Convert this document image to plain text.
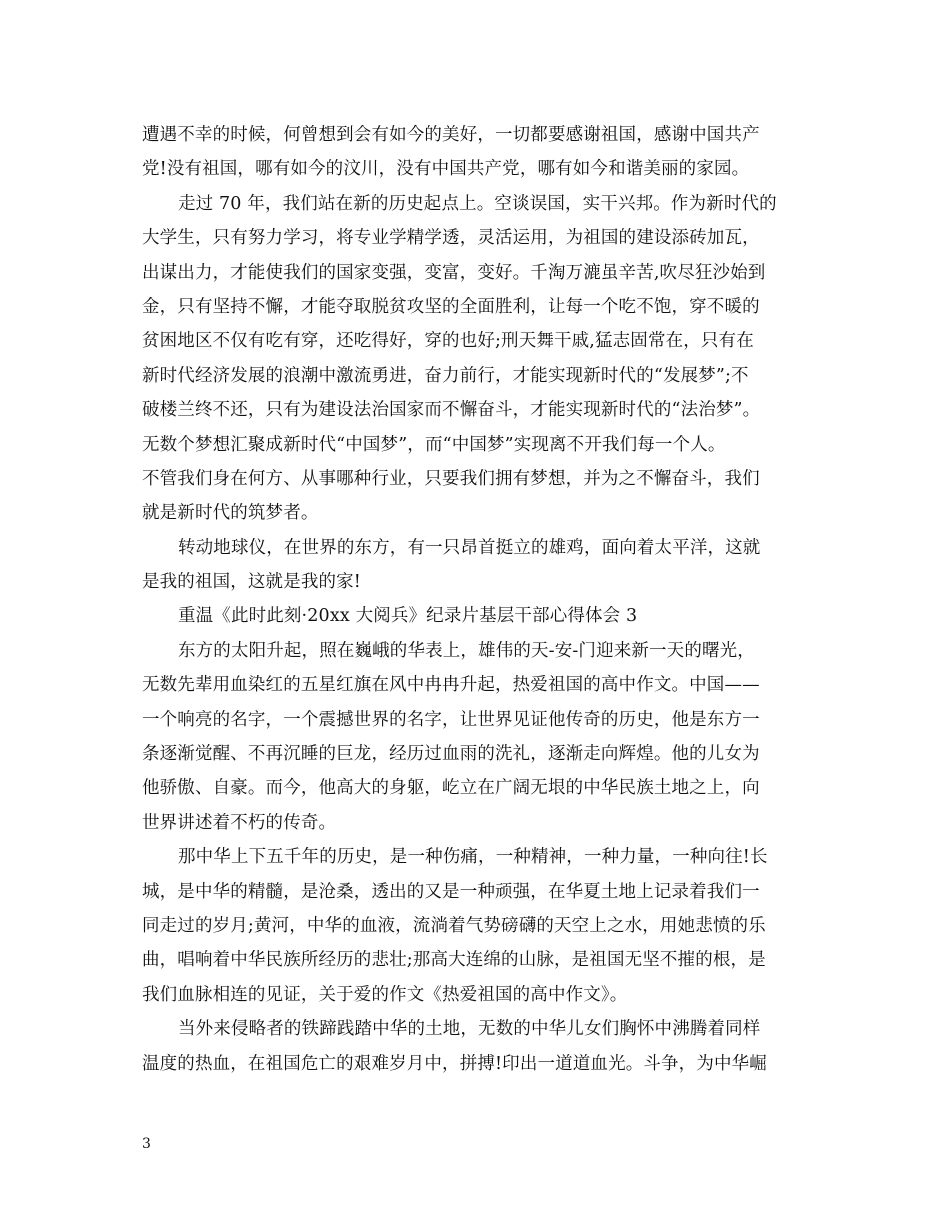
遭遇不幸的时候，何曾想到会有如今的美好，一切都要感谢祖国，感谢中国共产
党!没有祖国，哪有如今的汶川，没有中国共产党，哪有如今和谐美丽的家园。
走过 70 年，我们站在新的历史起点上。空谈误国，实干兴邦。作为新时代的
大学生，只有努力学习，将专业学精学透，灵活运用，为祖国的建设添砖加瓦，
出谋出力，才能使我们的国家变强，变富，变好。千淘万漉虽辛苦,吹尽狂沙始到
金，只有坚持不懈，才能夺取脱贫攻坚的全面胜利，让每一个吃不饱，穿不暖的
贫困地区不仅有吃有穿，还吃得好，穿的也好;刑天舞干戚,猛志固常在，只有在
新时代经济发展的浪潮中激流勇进，奋力前行，才能实现新时代的“发展梦”;不
破楼兰终不还，只有为建设法治国家而不懈奋斗，才能实现新时代的“法治梦”。
无数个梦想汇聚成新时代“中国梦”，而“中国梦”实现离不开我们每一个人。
不管我们身在何方、从事哪种行业，只要我们拥有梦想，并为之不懈奋斗，我们
就是新时代的筑梦者。
转动地球仪，在世界的东方，有一只昂首挺立的雄鸡，面向着太平洋，这就
是我的祖国，这就是我的家!
重温《此时此刻·20xx 大阅兵》纪录片基层干部心得体会 3
东方的太阳升起，照在巍峨的华表上，雄伟的天-安-门迎来新一天的曙光，
无数先辈用血染红的五星红旗在风中冉冉升起，热爱祖国的高中作文。中国——
一个响亮的名字，一个震撼世界的名字，让世界见证他传奇的历史，他是东方一
条逐渐觉醒、不再沉睡的巨龙，经历过血雨的洗礼，逐渐走向辉煌。他的儿女为
他骄傲、自豪。而今，他高大的身躯，屹立在广阔无垠的中华民族土地之上，向
世界讲述着不朽的传奇。
那中华上下五千年的历史，是一种伤痛，一种精神，一种力量，一种向往!长
城，是中华的精髓，是沧桑，透出的又是一种顽强，在华夏土地上记录着我们一
同走过的岁月;黄河，中华的血液，流淌着气势磅礴的天空上之水，用她悲愤的乐
曲，唱响着中华民族所经历的悲壮;那高大连绵的山脉，是祖国无坚不摧的根，是
我们血脉相连的见证，关于爱的作文《热爱祖国的高中作文》。
当外来侵略者的铁蹄践踏中华的土地，无数的中华儿女们胸怀中沸腾着同样
温度的热血，在祖国危亡的艰难岁月中，拼搏!印出一道道血光。斗争，为中华崛
3
